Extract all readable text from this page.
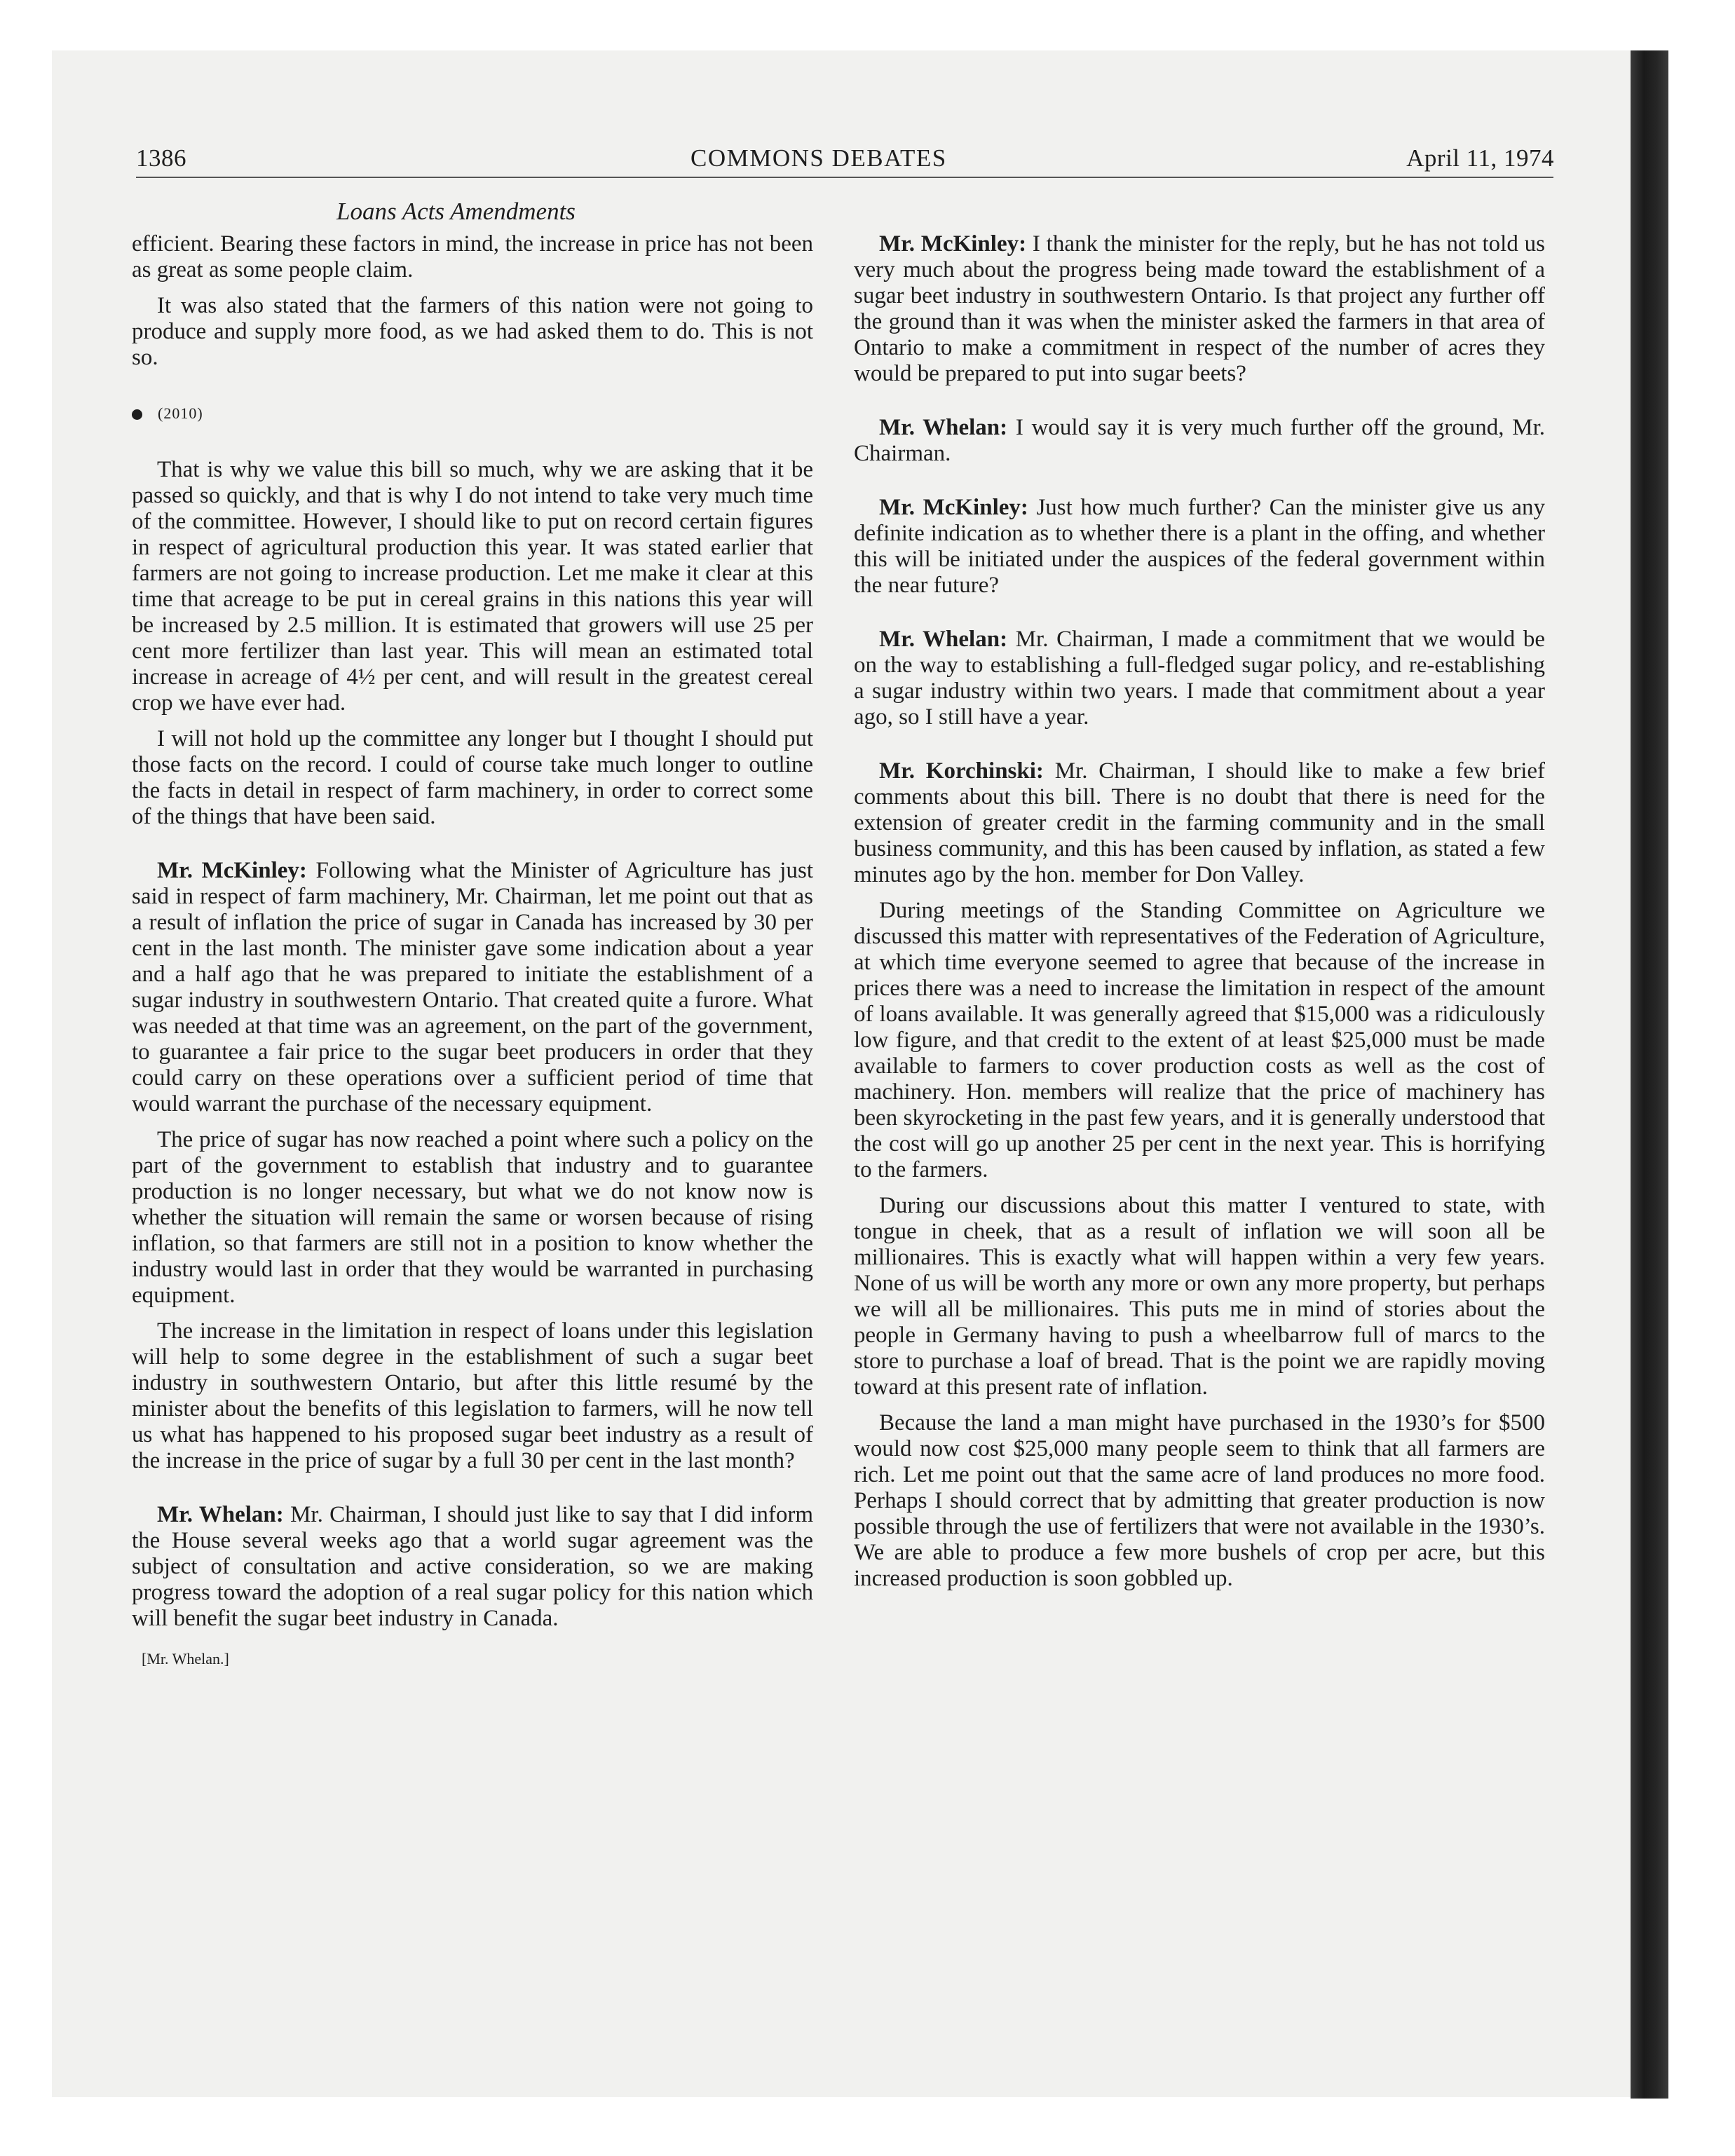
1386	COMMONS DEBATES	April 11, 1974
Loans Acts Amendments

efficient. Bearing these factors in mind, the increase in price has not been as great as some people claim.

It was also stated that the farmers of this nation were not going to produce and supply more food, as we had asked them to do. This is not so.

(2010)

That is why we value this bill so much, why we are asking that it be passed so quickly, and that is why I do not intend to take very much time of the committee. However, I should like to put on record certain figures in respect of agricultural production this year. It was stated earlier that farmers are not going to increase production. Let me make it clear at this time that acreage to be put in cereal grains in this nations this year will be increased by 2.5 million. It is estimated that growers will use 25 per cent more fertilizer than last year. This will mean an estimated total increase in acreage of 4½ per cent, and will result in the greatest cereal crop we have ever had.

I will not hold up the committee any longer but I thought I should put those facts on the record. I could of course take much longer to outline the facts in detail in respect of farm machinery, in order to correct some of the things that have been said.

Mr. McKinley: Following what the Minister of Agriculture has just said in respect of farm machinery, Mr. Chairman, let me point out that as a result of inflation the price of sugar in Canada has increased by 30 per cent in the last month. The minister gave some indication about a year and a half ago that he was prepared to initiate the establishment of a sugar industry in southwestern Ontario. That created quite a furore. What was needed at that time was an agreement, on the part of the government, to guarantee a fair price to the sugar beet producers in order that they could carry on these operations over a sufficient period of time that would warrant the purchase of the necessary equipment.

The price of sugar has now reached a point where such a policy on the part of the government to establish that industry and to guarantee production is no longer necessary, but what we do not know now is whether the situation will remain the same or worsen because of rising inflation, so that farmers are still not in a position to know whether the industry would last in order that they would be warranted in purchasing equipment.

The increase in the limitation in respect of loans under this legislation will help to some degree in the establishment of such a sugar beet industry in southwestern Ontario, but after this little resumé by the minister about the benefits of this legislation to farmers, will he now tell us what has happened to his proposed sugar beet industry as a result of the increase in the price of sugar by a full 30 per cent in the last month?

Mr. Whelan: Mr. Chairman, I should just like to say that I did inform the House several weeks ago that a world sugar agreement was the subject of consultation and active consideration, so we are making progress toward the adoption of a real sugar policy for this nation which will benefit the sugar beet industry in Canada.

[Mr. Whelan.]

Mr. McKinley: I thank the minister for the reply, but he has not told us very much about the progress being made toward the establishment of a sugar beet industry in southwestern Ontario. Is that project any further off the ground than it was when the minister asked the farmers in that area of Ontario to make a commitment in respect of the number of acres they would be prepared to put into sugar beets?

Mr. Whelan: I would say it is very much further off the ground, Mr. Chairman.

Mr. McKinley: Just how much further? Can the minister give us any definite indication as to whether there is a plant in the offing, and whether this will be initiated under the auspices of the federal government within the near future?

Mr. Whelan: Mr. Chairman, I made a commitment that we would be on the way to establishing a full-fledged sugar policy, and re-establishing a sugar industry within two years. I made that commitment about a year ago, so I still have a year.

Mr. Korchinski: Mr. Chairman, I should like to make a few brief comments about this bill. There is no doubt that there is need for the extension of greater credit in the farming community and in the small business community, and this has been caused by inflation, as stated a few minutes ago by the hon. member for Don Valley.

During meetings of the Standing Committee on Agriculture we discussed this matter with representatives of the Federation of Agriculture, at which time everyone seemed to agree that because of the increase in prices there was a need to increase the limitation in respect of the amount of loans available. It was generally agreed that $15,000 was a ridiculously low figure, and that credit to the extent of at least $25,000 must be made available to farmers to cover production costs as well as the cost of machinery. Hon. members will realize that the price of machinery has been skyrocketing in the past few years, and it is generally understood that the cost will go up another 25 per cent in the next year. This is horrifying to the farmers.

During our discussions about this matter I ventured to state, with tongue in cheek, that as a result of inflation we will soon all be millionaires. This is exactly what will happen within a very few years. None of us will be worth any more or own any more property, but perhaps we will all be millionaires. This puts me in mind of stories about the people in Germany having to push a wheelbarrow full of marcs to the store to purchase a loaf of bread. That is the point we are rapidly moving toward at this present rate of inflation.

Because the land a man might have purchased in the 1930’s for $500 would now cost $25,000 many people seem to think that all farmers are rich. Let me point out that the same acre of land produces no more food. Perhaps I should correct that by admitting that greater production is now possible through the use of fertilizers that were not available in the 1930’s. We are able to produce a few more bushels of crop per acre, but this increased production is soon gobbled up.
